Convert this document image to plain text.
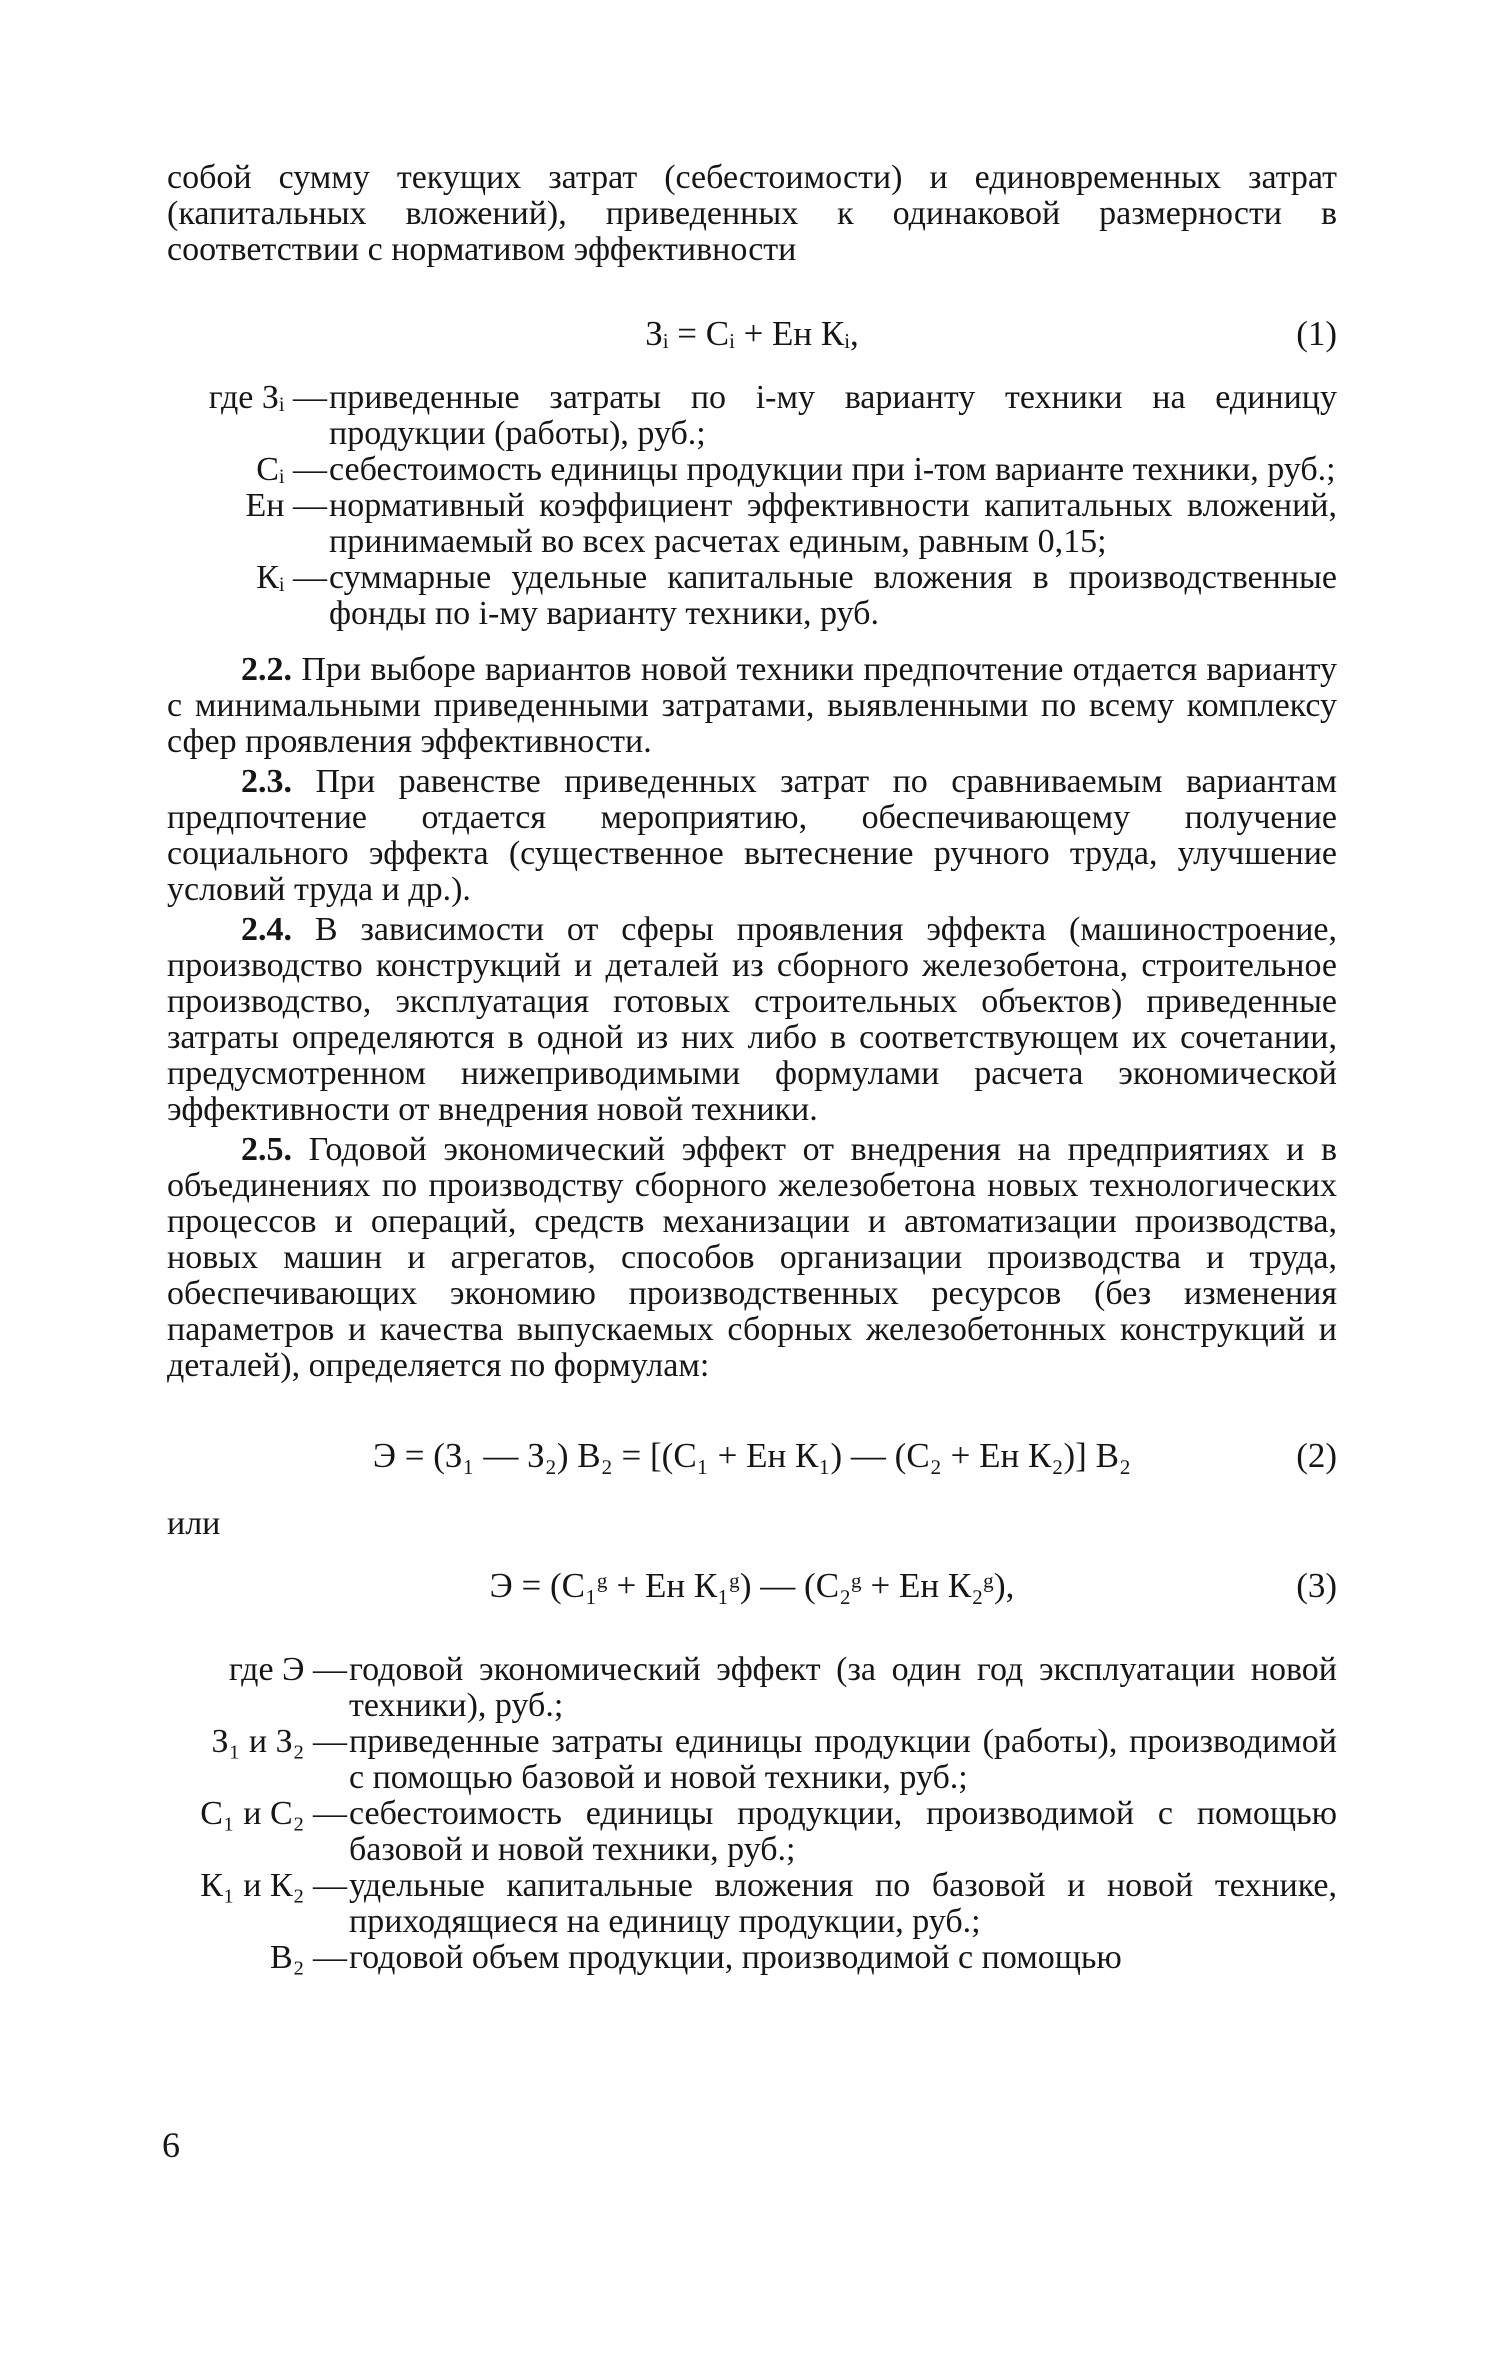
собой сумму текущих затрат (себестоимости) и единовременных затрат (капитальных вложений), приведенных к одинаковой размерности в соответствии с нормативом эффективности

Зᵢ = Сᵢ + Ен Кᵢ,	(1)
где Зᵢ — приведенные затраты по i-му варианту техники на единицу продукции (работы), руб.;
Сᵢ — себестоимость единицы продукции при i-том варианте техники, руб.;
Ен — нормативный коэффициент эффективности капитальных вложений, принимаемый во всех расчетах единым, равным 0,15;
Кᵢ — суммарные удельные капитальные вложения в производственные фонды по i-му варианту техники, руб.

2.2. При выборе вариантов новой техники предпочтение отдается варианту с минимальными приведенными затратами, выявленными по всему комплексу сфер проявления эффективности.

2.3. При равенстве приведенных затрат по сравниваемым вариантам предпочтение отдается мероприятию, обеспечивающему получение социального эффекта (существенное вытеснение ручного труда, улучшение условий труда и др.).

2.4. В зависимости от сферы проявления эффекта (машиностроение, производство конструкций и деталей из сборного железобетона, строительное производство, эксплуатация готовых строительных объектов) приведенные затраты определяются в одной из них либо в соответствующем их сочетании, предусмотренном нижеприводимыми формулами расчета экономической эффективности от внедрения новой техники.

2.5. Годовой экономический эффект от внедрения на предприятиях и в объединениях по производству сборного железобетона новых технологических процессов и операций, средств механизации и автоматизации производства, новых машин и агрегатов, способов организации производства и труда, обеспечивающих экономию производственных ресурсов (без изменения параметров и качества выпускаемых сборных железобетонных конструкций и деталей), определяется по формулам:

Э = (З₁ — З₂) В₂ = [(С₁ + Ен К₁) — (С₂ + Ен К₂)] В₂	(2)

или

Э = (С₁ᵍ + Ен К₁ᵍ) — (С₂ᵍ + Ен К₂ᵍ),	(3)
где Э — годовой экономический эффект (за один год эксплуатации новой техники), руб.;
З₁ и З₂ — приведенные затраты единицы продукции (работы), производимой с помощью базовой и новой техники, руб.;
С₁ и С₂ — себестоимость единицы продукции, производимой с помощью базовой и новой техники, руб.;
К₁ и К₂ — удельные капитальные вложения по базовой и новой технике, приходящиеся на единицу продукции, руб.;
В₂ — годовой объем продукции, производимой с помощью
6
